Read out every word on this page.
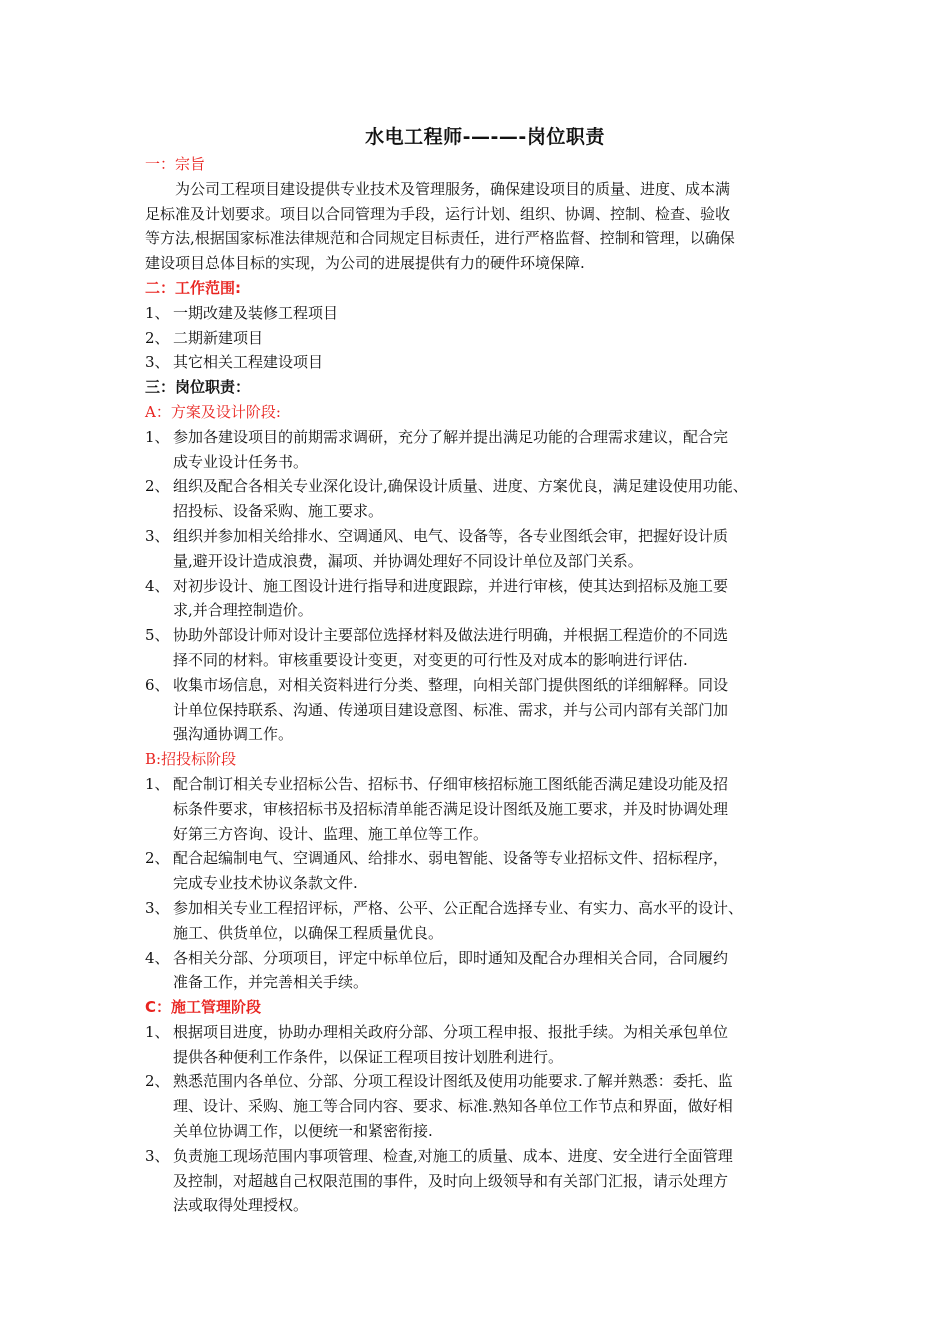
水电工程师-—-—-岗位职责
一：宗旨

为公司工程项目建设提供专业技术及管理服务，确保建设项目的质量、进度、成本满

足标准及计划要求。项目以合同管理为手段，运行计划、组织、协调、控制、检查、验收

等方法,根据国家标准法律规范和合同规定目标责任，进行严格监督、控制和管理，以确保

建设项目总体目标的实现，为公司的进展提供有力的硬件环境保障.

二：工作范围:
1、 一期改建及装修工程项目
2、 二期新建项目
3、 其它相关工程建设项目
三：岗位职责：
A：方案及设计阶段:
1、 参加各建设项目的前期需求调研，充分了解并提出满足功能的合理需求建议，配合完
成专业设计任务书。
2、 组织及配合各相关专业深化设计,确保设计质量、进度、方案优良，满足建设使用功能、
招投标、设备采购、施工要求。
3、 组织并参加相关给排水、空调通风、电气、设备等，各专业图纸会审，把握好设计质
量,避开设计造成浪费，漏项、并协调处理好不同设计单位及部门关系。
4、 对初步设计、施工图设计进行指导和进度跟踪，并进行审核，使其达到招标及施工要
求,并合理控制造价。
5、 协助外部设计师对设计主要部位选择材料及做法进行明确，并根据工程造价的不同选
择不同的材料。审核重要设计变更，对变更的可行性及对成本的影响进行评估.
6、 收集市场信息，对相关资料进行分类、整理，向相关部门提供图纸的详细解释。同设
计单位保持联系、沟通、传递项目建设意图、标准、需求，并与公司内部有关部门加
强沟通协调工作。
B:招投标阶段
1、 配合制订相关专业招标公告、招标书、仔细审核招标施工图纸能否满足建设功能及招
标条件要求，审核招标书及招标清单能否满足设计图纸及施工要求，并及时协调处理
好第三方咨询、设计、监理、施工单位等工作。
2、 配合起编制电气、空调通风、给排水、弱电智能、设备等专业招标文件、招标程序，
完成专业技术协议条款文件.
3、 参加相关专业工程招评标，严格、公平、公正配合选择专业、有实力、高水平的设计、
施工、供货单位，以确保工程质量优良。
4、 各相关分部、分项项目，评定中标单位后，即时通知及配合办理相关合同，合同履约
准备工作，并完善相关手续。
C：施工管理阶段
1、 根据项目进度，协助办理相关政府分部、分项工程申报、报批手续。为相关承包单位
提供各种便利工作条件，以保证工程项目按计划胜利进行。
2、 熟悉范围内各单位、分部、分项工程设计图纸及使用功能要求.了解并熟悉：委托、监
理、设计、采购、施工等合同内容、要求、标准.熟知各单位工作节点和界面，做好相
关单位协调工作，以便统一和紧密衔接.
3、 负责施工现场范围内事项管理、检查,对施工的质量、成本、进度、安全进行全面管理
及控制，对超越自己权限范围的事件，及时向上级领导和有关部门汇报，请示处理方
法或取得处理授权。
